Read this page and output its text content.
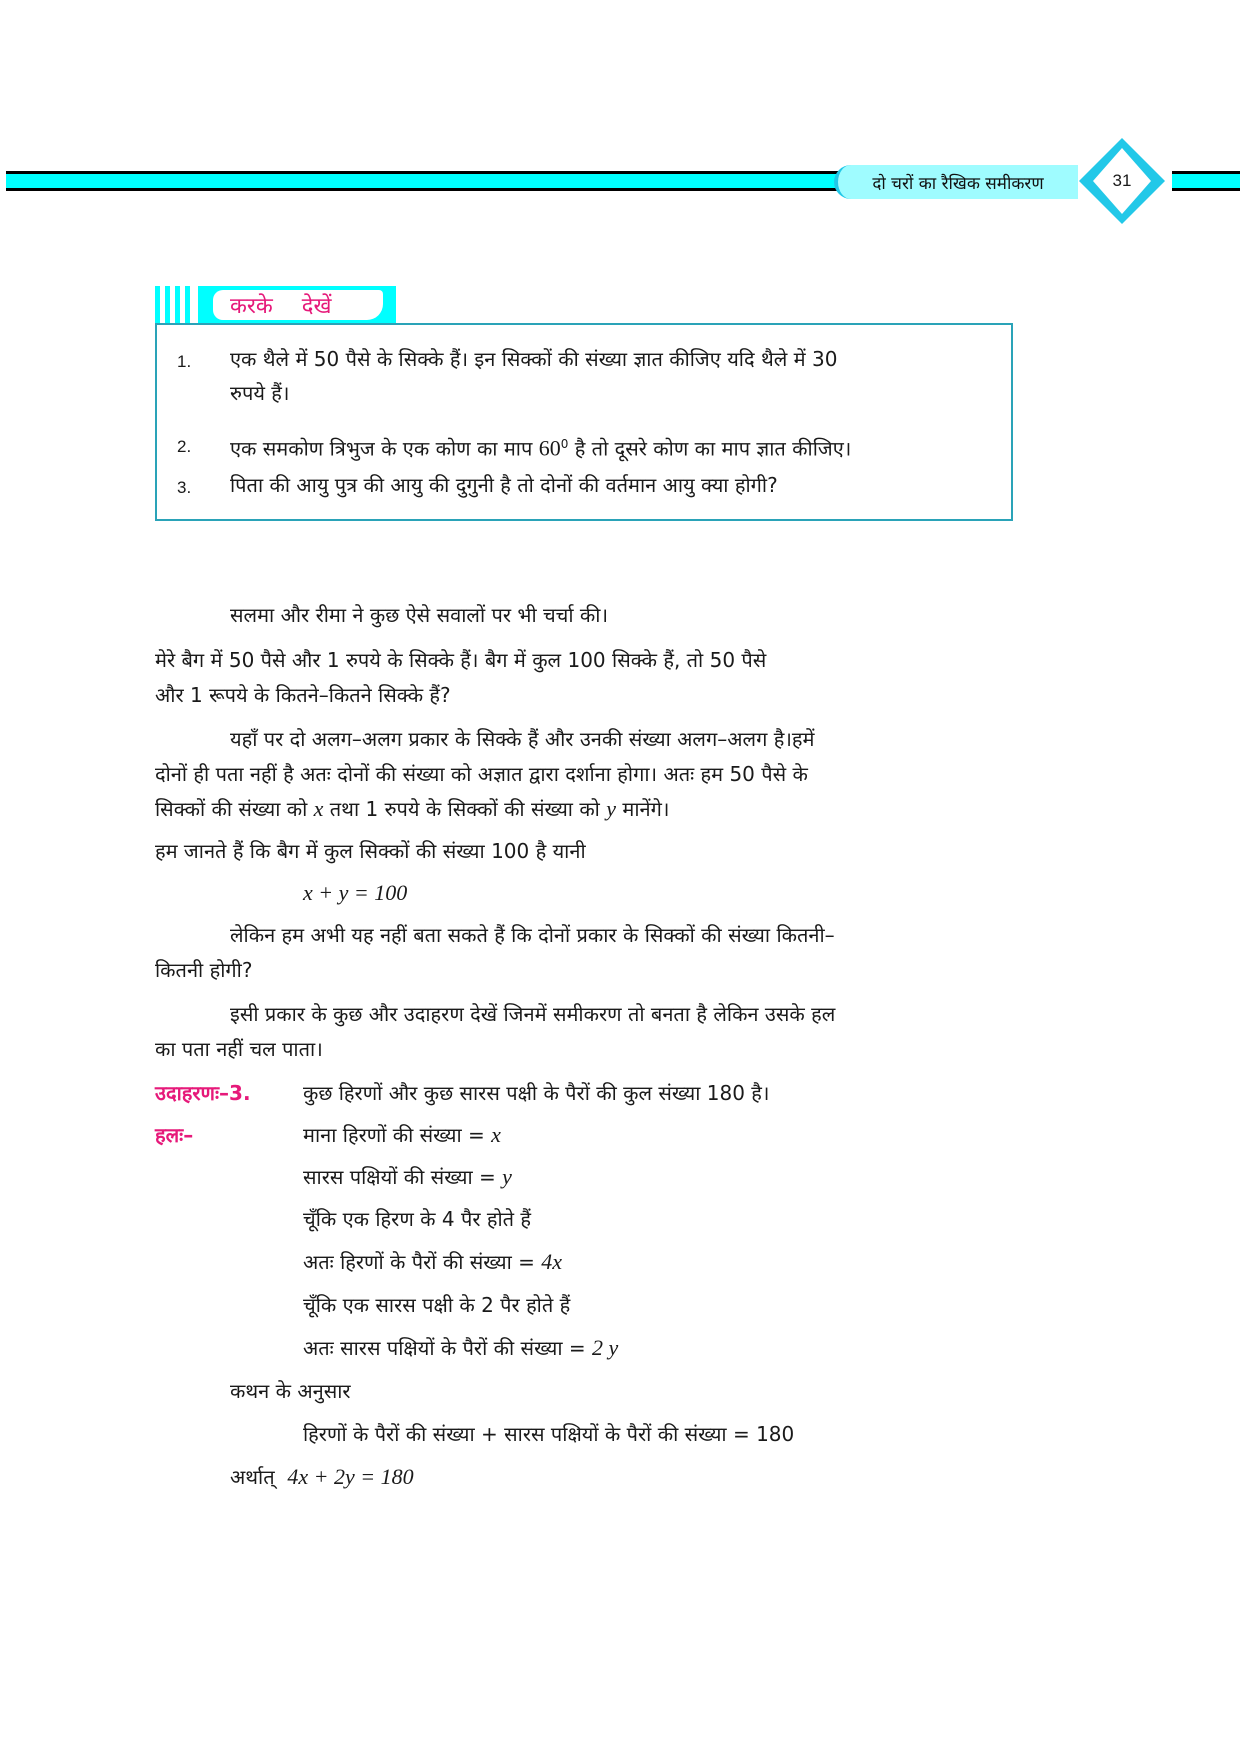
दो चरों का रैखिक समीकरण	31
करके देखें
1. एक थैले में 50 पैसे के सिक्के हैं। इन सिक्कों की संख्या ज्ञात कीजिए यदि थैले में 30
रुपये हैं।
2. एक समकोण त्रिभुज के एक कोण का माप $60^0$ है तो दूसरे कोण का माप ज्ञात कीजिए।
3. पिता की आयु पुत्र की आयु की दुगुनी है तो दोनों की वर्तमान आयु क्या होगी?
सलमा और रीमा ने कुछ ऐसे सवालों पर भी चर्चा की।
मेरे बैग में 50 पैसे और 1 रुपये के सिक्के हैं। बैग में कुल 100 सिक्के हैं, तो 50 पैसे
और 1 रूपये के कितने–कितने सिक्के हैं?
यहाँ पर दो अलग–अलग प्रकार के सिक्के हैं और उनकी संख्या अलग–अलग है।हमें
दोनों ही पता नहीं है अतः दोनों की संख्या को अज्ञात द्वारा दर्शाना होगा। अतः हम 50 पैसे के
सिक्कों की संख्या को x तथा 1 रुपये के सिक्कों की संख्या को y मानेंगे।
हम जानते हैं कि बैग में कुल सिक्कों की संख्या 100 है यानी
x + y = 100
लेकिन हम अभी यह नहीं बता सकते हैं कि दोनों प्रकार के सिक्कों की संख्या कितनी–
कितनी होगी?
इसी प्रकार के कुछ और उदाहरण देखें जिनमें समीकरण तो बनता है लेकिन उसके हल
का पता नहीं चल पाता।
उदाहरणः–3.	कुछ हिरणों और कुछ सारस पक्षी के पैरों की कुल संख्या 180 है।
हलः–	माना हिरणों की संख्या = x
सारस पक्षियों की संख्या = y
चूँकि एक हिरण के 4 पैर होते हैं
अतः हिरणों के पैरों की संख्या = 4x
चूँकि एक सारस पक्षी के 2 पैर होते हैं
अतः सारस पक्षियों के पैरों की संख्या = 2 y
कथन के अनुसार
हिरणों के पैरों की संख्या + सारस पक्षियों के पैरों की संख्या = 180
अर्थात् 4x + 2y = 180
